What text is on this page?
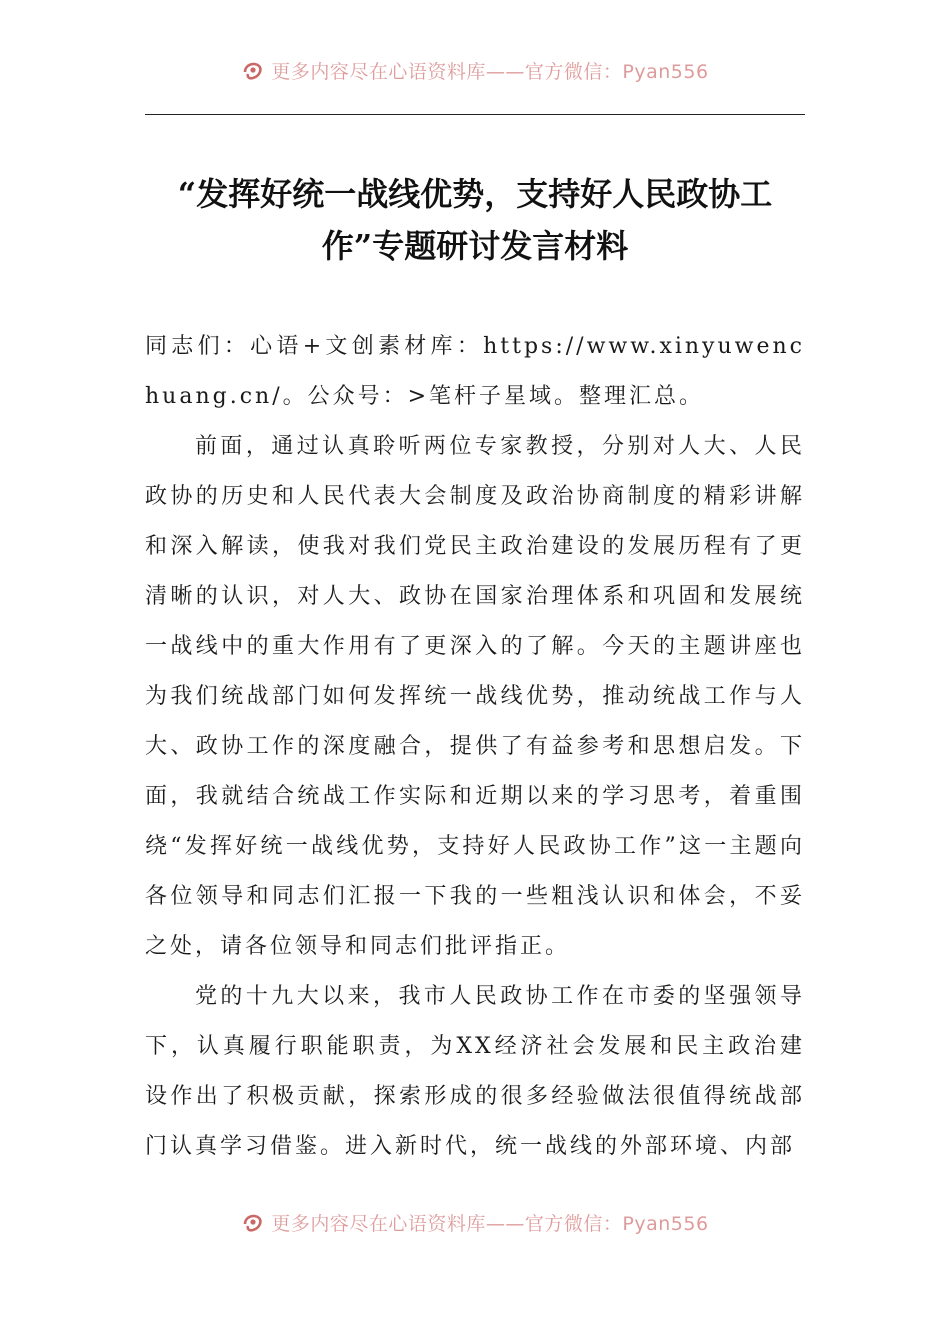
更多内容尽在心语资料库——官方微信：Pyan556
“发挥好统一战线优势，支持好人民政协工作”专题研讨发言材料

同志们：心语+文创素材库：https://www.xinyuwenchuang.cn/。公众号：>笔杆子星域。整理汇总。

前面，通过认真聆听两位专家教授，分别对人大、人民政协的历史和人民代表大会制度及政治协商制度的精彩讲解和深入解读，使我对我们党民主政治建设的发展历程有了更清晰的认识，对人大、政协在国家治理体系和巩固和发展统一战线中的重大作用有了更深入的了解。今天的主题讲座也为我们统战部门如何发挥统一战线优势，推动统战工作与人大、政协工作的深度融合，提供了有益参考和思想启发。下面，我就结合统战工作实际和近期以来的学习思考，着重围绕“发挥好统一战线优势，支持好人民政协工作”这一主题向各位领导和同志们汇报一下我的一些粗浅认识和体会，不妥之处，请各位领导和同志们批评指正。

党的十九大以来，我市人民政协工作在市委的坚强领导下，认真履行职能职责，为XX经济社会发展和民主政治建设作出了积极贡献，探索形成的很多经验做法很值得统战部门认真学习借鉴。进入新时代，统一战线的外部环境、内部

更多内容尽在心语资料库——官方微信：Pyan556
